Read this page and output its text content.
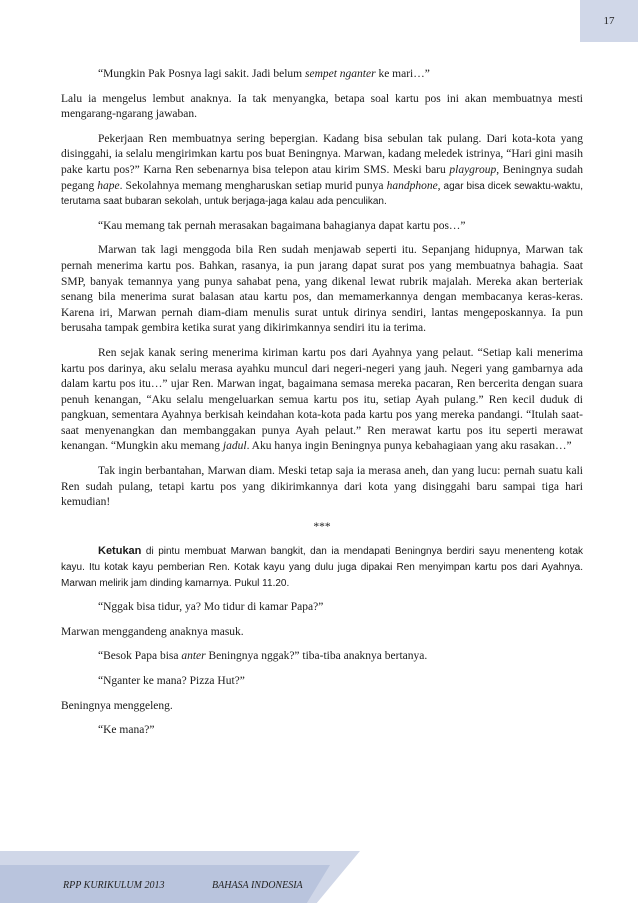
17

“Mungkin Pak Posnya lagi sakit. Jadi belum sempet nganter ke mari…”

Lalu ia mengelus lembut anaknya. Ia tak menyangka, betapa soal kartu pos ini akan membuatnya mesti mengarang-ngarang jawaban.

Pekerjaan Ren membuatnya sering bepergian. Kadang bisa sebulan tak pulang. Dari kota-kota yang disinggahi, ia selalu mengirimkan kartu pos buat Beningnya. Marwan, kadang meledek istrinya, “Hari gini masih pake kartu pos?” Karna Ren sebenarnya bisa telepon atau kirim SMS. Meski baru playgroup, Beningnya sudah pegang hape. Sekolahnya memang mengharuskan setiap murid punya handphone, agar bisa dicek sewaktu-waktu, terutama saat bubaran sekolah, untuk berjaga-jaga kalau ada penculikan.

“Kau memang tak pernah merasakan bagaimana bahagianya dapat kartu pos…”

Marwan tak lagi menggoda bila Ren sudah menjawab seperti itu. Sepanjang hidupnya, Marwan tak pernah menerima kartu pos. Bahkan, rasanya, ia pun jarang dapat surat pos yang membuatnya bahagia. Saat SMP, banyak temannya yang punya sahabat pena, yang dikenal lewat rubrik majalah. Mereka akan berteriak senang bila menerima surat balasan atau kartu pos, dan memamerkannya dengan membacanya keras-keras. Karena iri, Marwan pernah diam-diam menulis surat untuk dirinya sendiri, lantas mengeposkannya. Ia pun berusaha tampak gembira ketika surat yang dikirimkannya sendiri itu ia terima.

Ren sejak kanak sering menerima kiriman kartu pos dari Ayahnya yang pelaut. “Setiap kali menerima kartu pos darinya, aku selalu merasa ayahku muncul dari negeri-negeri yang jauh. Negeri yang gambarnya ada dalam kartu pos itu…” ujar Ren. Marwan ingat, bagaimana semasa mereka pacaran, Ren bercerita dengan suara penuh kenangan, “Aku selalu mengeluarkan semua kartu pos itu, setiap Ayah pulang.” Ren kecil duduk di pangkuan, sementara Ayahnya berkisah keindahan kota-kota pada kartu pos yang mereka pandangi. “Itulah saat-saat menyenangkan dan membanggakan punya Ayah pelaut.” Ren merawat kartu pos itu seperti merawat kenangan. “Mungkin aku memang jadul. Aku hanya ingin Beningnya punya kebahagiaan yang aku rasakan…”

Tak ingin berbantahan, Marwan diam. Meski tetap saja ia merasa aneh, dan yang lucu: pernah suatu kali Ren sudah pulang, tetapi kartu pos yang dikirimkannya dari kota yang disinggahi baru sampai tiga hari kemudian!

***

Ketukan di pintu membuat Marwan bangkit, dan ia mendapati Beningnya berdiri sayu menenteng kotak kayu. Itu kotak kayu pemberian Ren. Kotak kayu yang dulu juga dipakai Ren menyimpan kartu pos dari Ayahnya. Marwan melirik jam dinding kamarnya. Pukul 11.20.

“Nggak bisa tidur, ya? Mo tidur di kamar Papa?”

Marwan menggandeng anaknya masuk.

“Besok Papa bisa anter Beningnya nggak?” tiba-tiba anaknya bertanya.

“Nganter ke mana? Pizza Hut?”

Beningnya menggeleng.

“Ke mana?”

RPP KURIKULUM 2013	BAHASA INDONESIA
